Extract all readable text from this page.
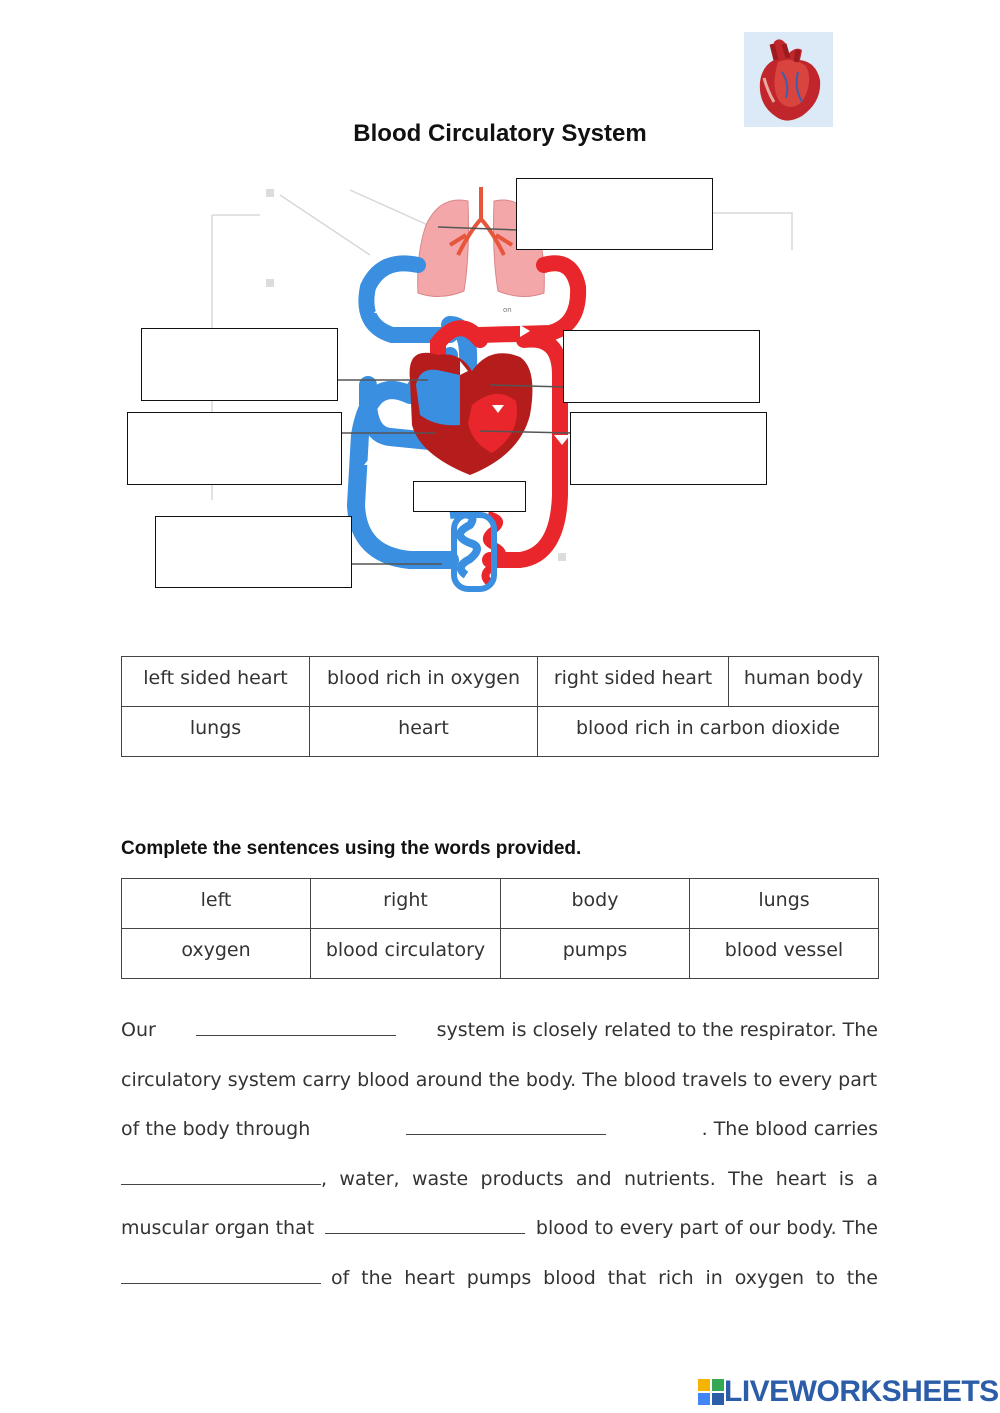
Blood Circulatory System
on
left sided heart	blood rich in oxygen	right sided heart	human body
lungs	heart	blood rich in carbon dioxide	
Complete the sentences using the words provided.
left	right	body	lungs
oxygen	blood circulatory	pumps	blood vessel
Our	system is closely related to the respirator. The
circulatory system carry blood around the body. The blood travels to every part
of the body through	. The blood carries
, water, waste products and nutrients. The heart is a
muscular organ that	blood to every part of our body. The
of the heart pumps blood that rich in oxygen to the
LIVEWORKSHEETS
